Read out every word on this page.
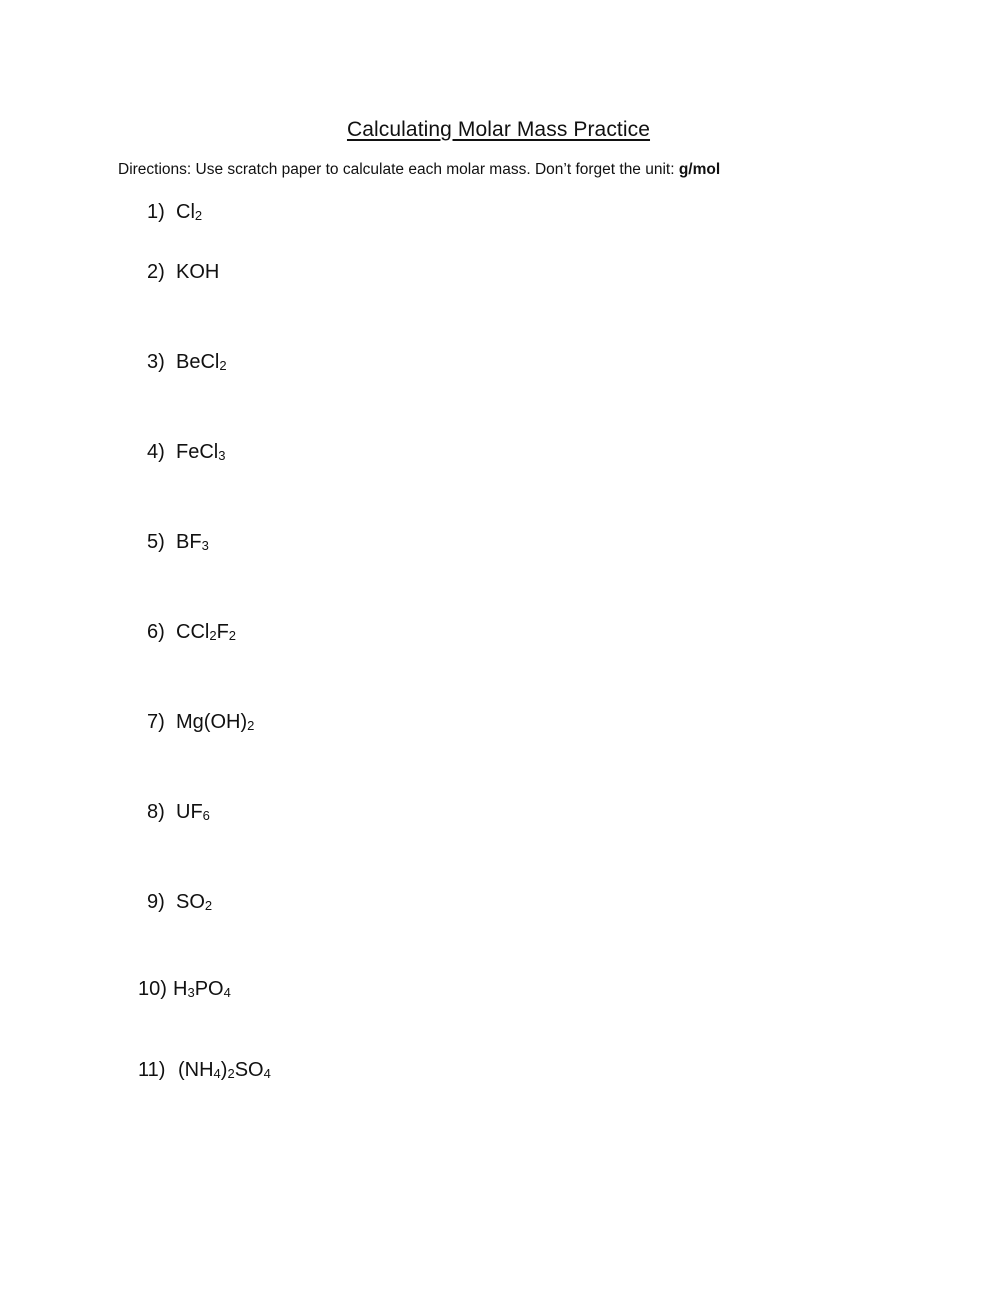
Calculating Molar Mass Practice
Directions: Use scratch paper to calculate each molar mass. Don’t forget the unit: g/mol
1) $Cl_2$
2) KOH
3) BeCl$_2$
4) FeCl$_3$
5) $BF_3$
6) $CCl_2F_2$
7) $Mg(OH)_2$
8) $UF_6$
9) $SO_2$
10) $H_3PO_4$
11) $(NH_4)_2SO_4$
